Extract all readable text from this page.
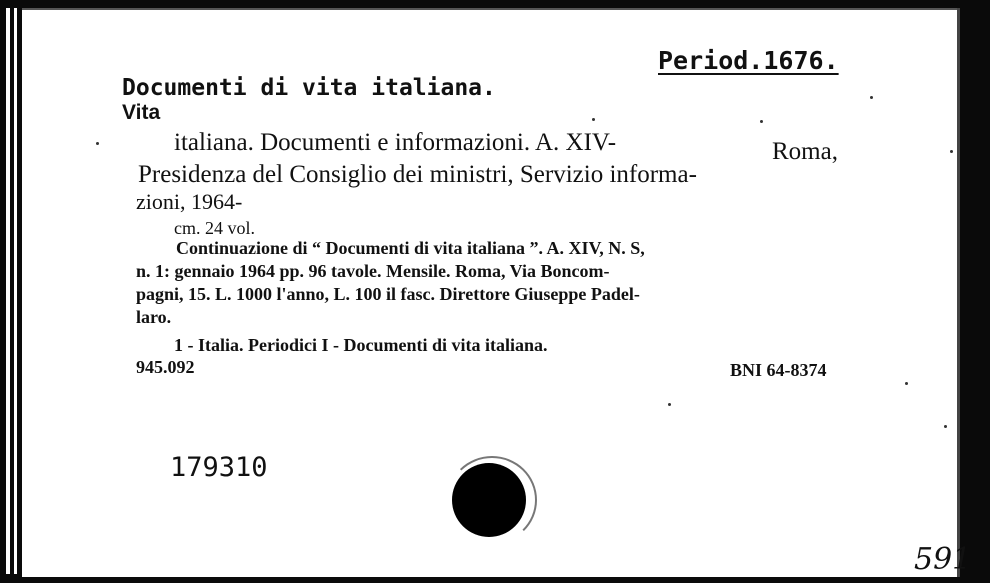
Period.1676.
Documenti di vita italiana.
Vita
italiana. Documenti e informazioni. A. XIV-	Roma,
Presidenza del Consiglio dei ministri, Servizio informa-
zioni, 1964-
cm. 24 vol.
Continuazione di “ Documenti di vita italiana ”. A. XIV, N. S,
n. 1: gennaio 1964 pp. 96 tavole. Mensile. Roma, Via Boncom-
pagni, 15. L. 1000 l'anno, L. 100 il fasc. Direttore Giuseppe Padel-
laro.
1 - Italia. Periodici I - Documenti di vita italiana.
945.092	BNI 64-8374
179310
591
